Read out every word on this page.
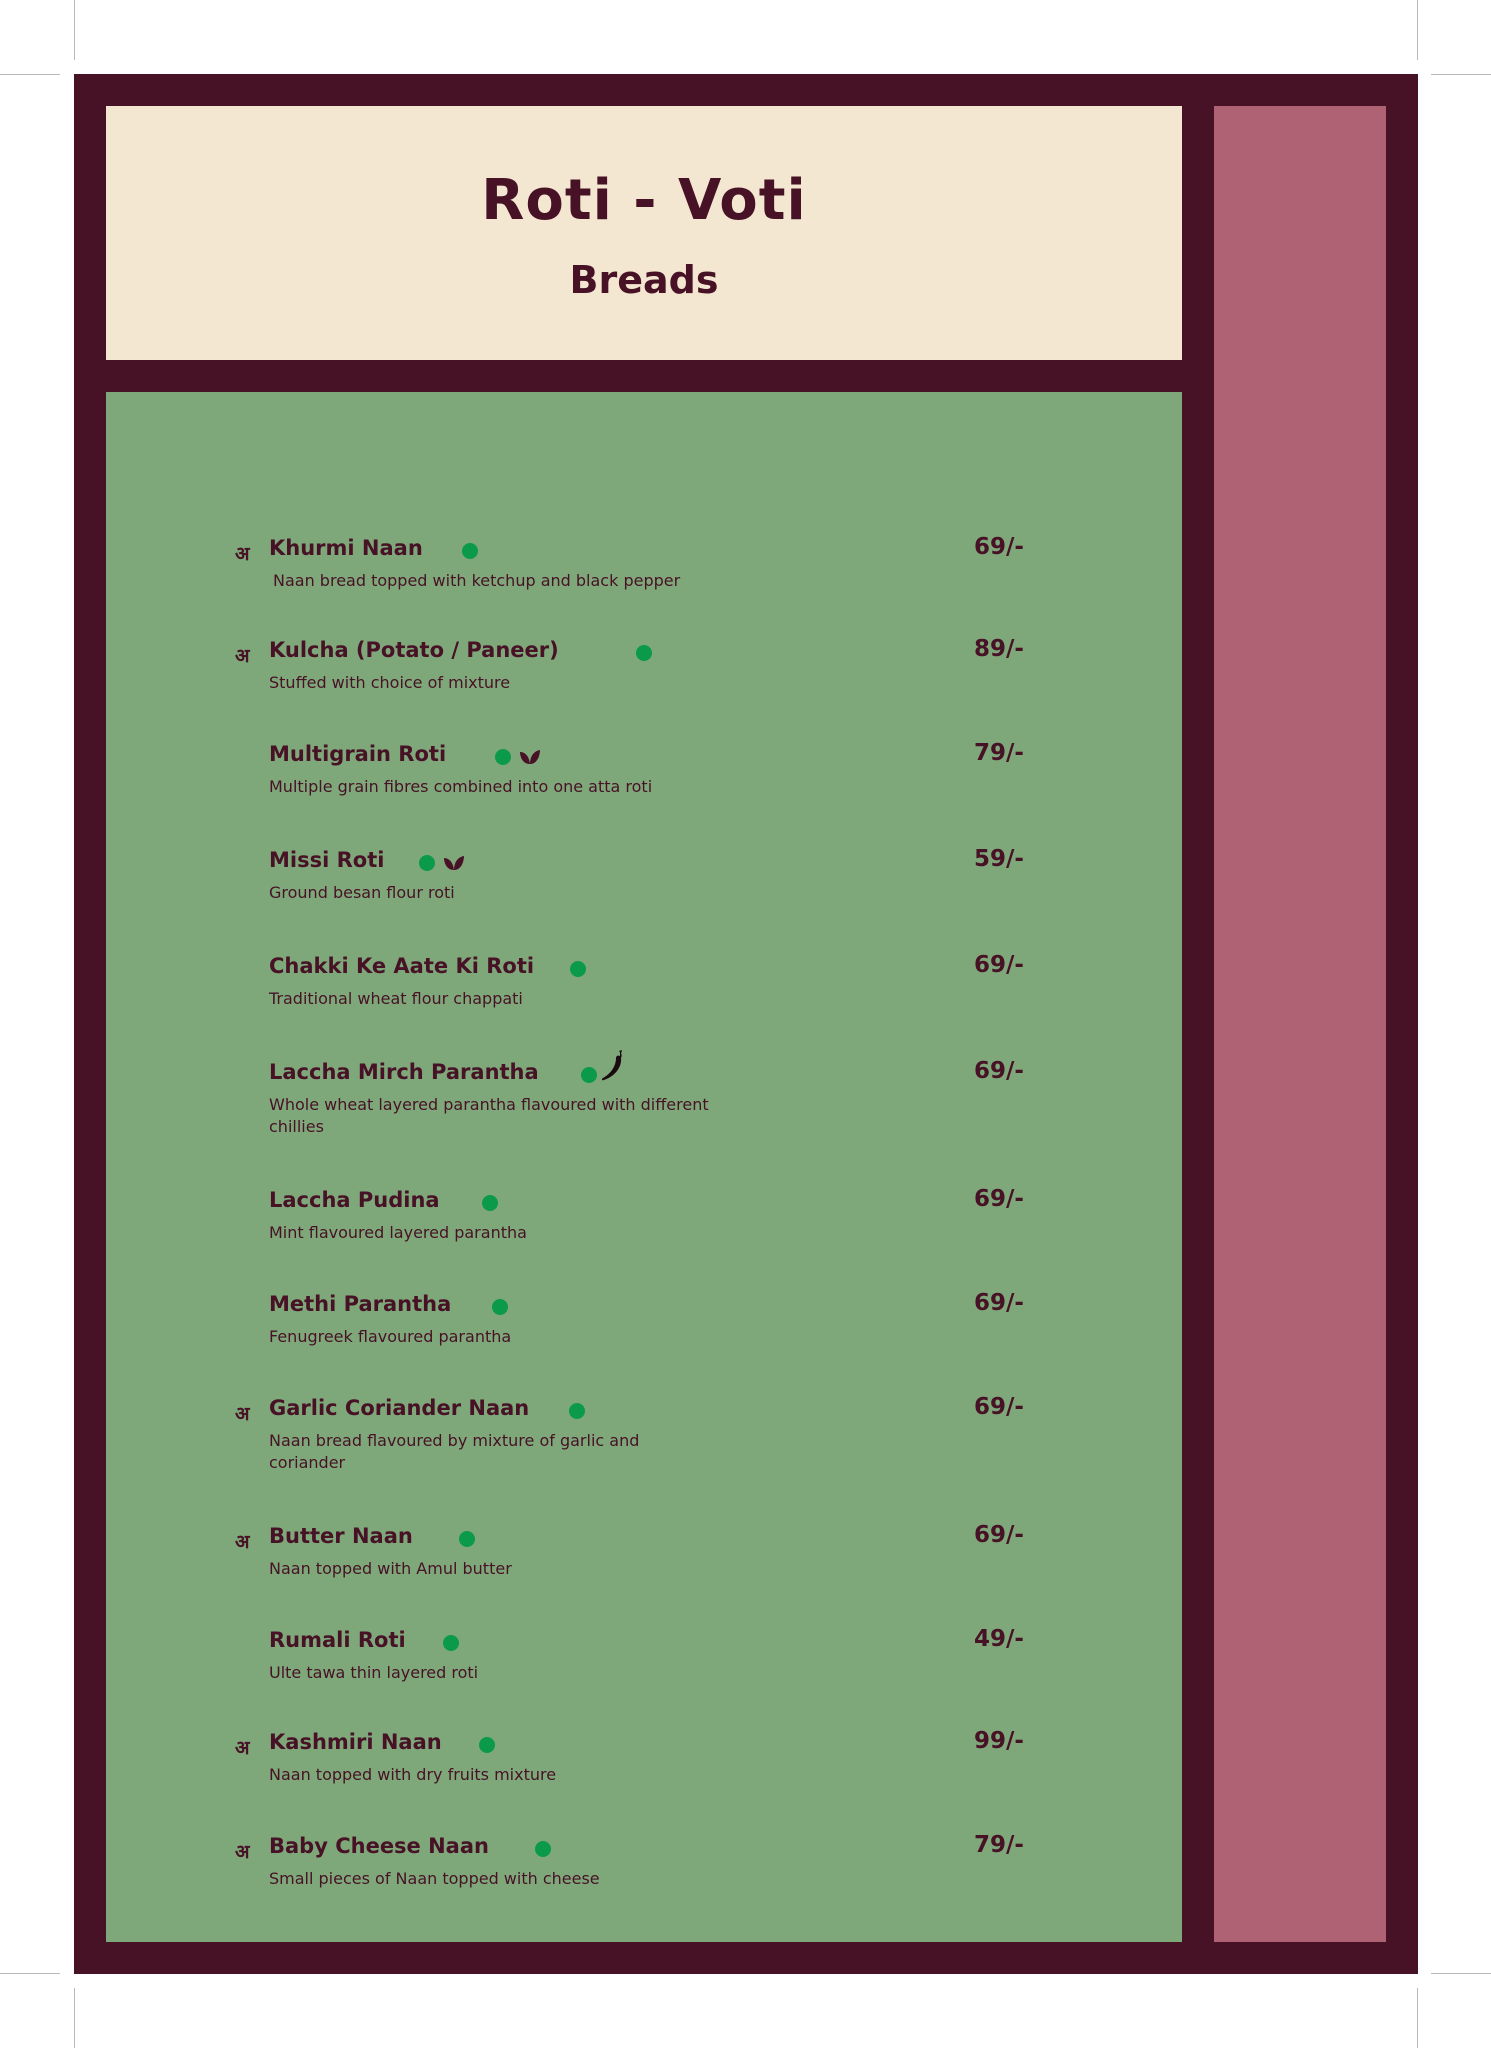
Roti - Voti
Breads
अ Khurmi Naan
Naan bread topped with ketchup and black pepper
69/-
अ Kulcha (Potato / Paneer)
Stuffed with choice of mixture
89/-
Multigrain Roti
Multiple grain fibres combined into one atta roti
79/-
Missi Roti
Ground besan flour roti
59/-
Chakki Ke Aate Ki Roti
Traditional wheat flour chappati
69/-
Laccha Mirch Parantha
Whole wheat layered parantha flavoured with different chillies
69/-
Laccha Pudina
Mint flavoured layered parantha
69/-
Methi Parantha
Fenugreek flavoured parantha
69/-
अ Garlic Coriander Naan
Naan bread flavoured by mixture of garlic and coriander
69/-
अ Butter Naan
Naan topped with Amul butter
69/-
Rumali Roti
Ulte tawa thin layered roti
49/-
अ Kashmiri Naan
Naan topped with dry fruits mixture
99/-
अ Baby Cheese Naan
Small pieces of Naan topped with cheese
79/-
